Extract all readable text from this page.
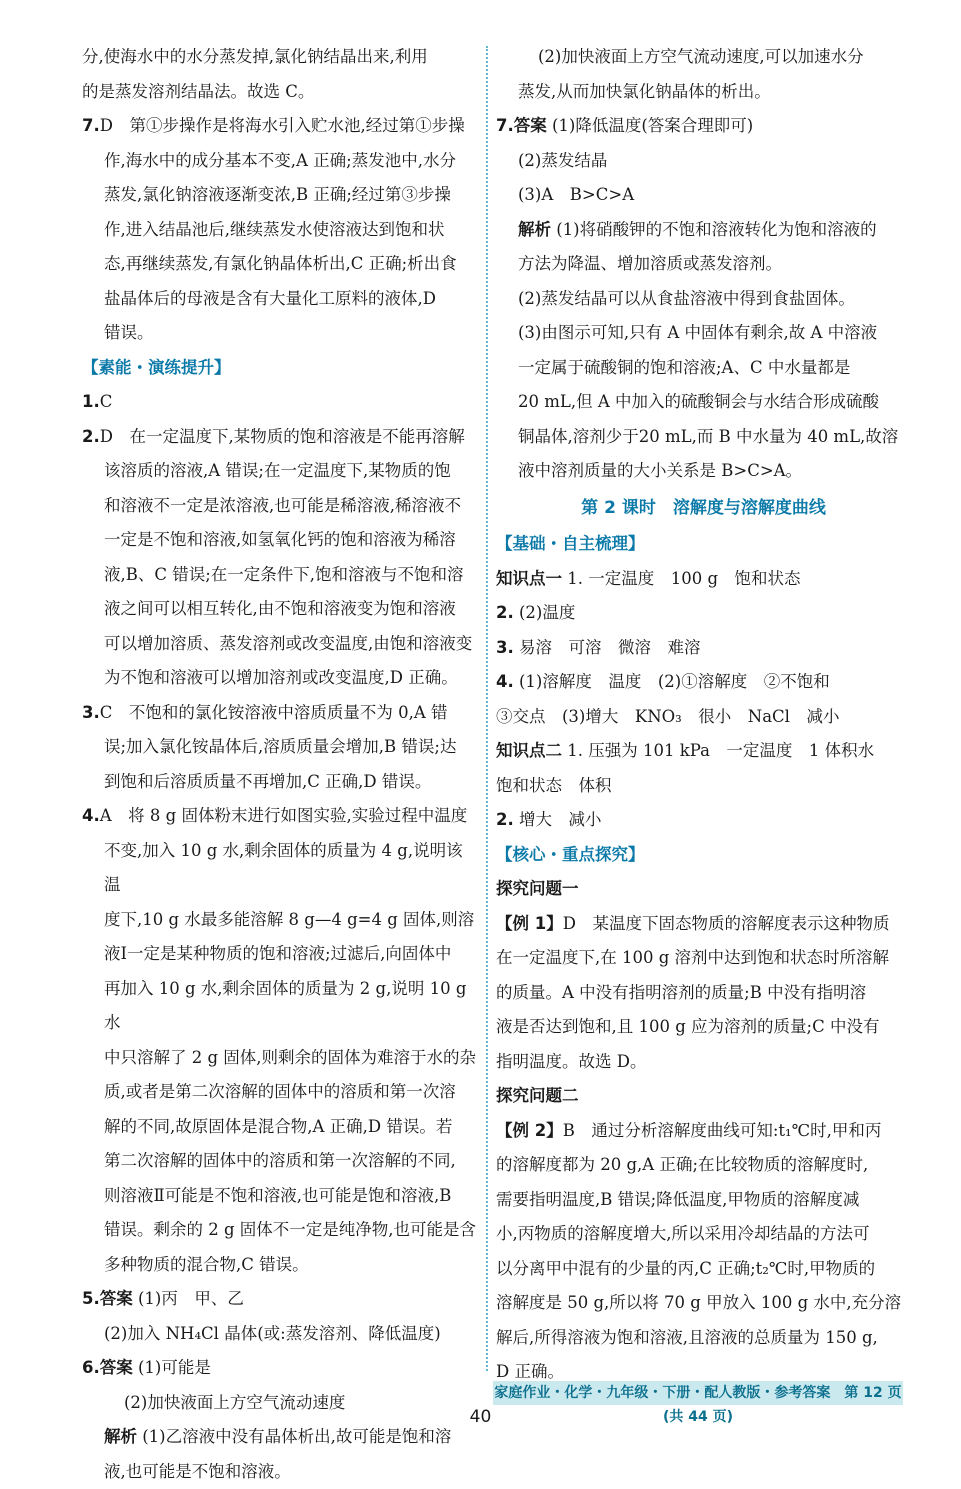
分,使海水中的水分蒸发掉,氯化钠结晶出来,利用
的是蒸发溶剂结晶法。故选 C。
7.D　第①步操作是将海水引入贮水池,经过第①步操
作,海水中的成分基本不变,A 正确;蒸发池中,水分
蒸发,氯化钠溶液逐渐变浓,B 正确;经过第③步操
作,进入结晶池后,继续蒸发水使溶液达到饱和状
态,再继续蒸发,有氯化钠晶体析出,C 正确;析出食
盐晶体后的母液是含有大量化工原料的液体,D
错误。
【素能・演练提升】
1.C
2.D　在一定温度下,某物质的饱和溶液是不能再溶解
该溶质的溶液,A 错误;在一定温度下,某物质的饱
和溶液不一定是浓溶液,也可能是稀溶液,稀溶液不
一定是不饱和溶液,如氢氧化钙的饱和溶液为稀溶
液,B、C 错误;在一定条件下,饱和溶液与不饱和溶
液之间可以相互转化,由不饱和溶液变为饱和溶液
可以增加溶质、蒸发溶剂或改变温度,由饱和溶液变
为不饱和溶液可以增加溶剂或改变温度,D 正确。
3.C　不饱和的氯化铵溶液中溶质质量不为 0,A 错
误;加入氯化铵晶体后,溶质质量会增加,B 错误;达
到饱和后溶质质量不再增加,C 正确,D 错误。
4.A　将 8 g 固体粉末进行如图实验,实验过程中温度
不变,加入 10 g 水,剩余固体的质量为 4 g,说明该温
度下,10 g 水最多能溶解 8 g—4 g=4 g 固体,则溶
液Ⅰ一定是某种物质的饱和溶液;过滤后,向固体中
再加入 10 g 水,剩余固体的质量为 2 g,说明 10 g 水
中只溶解了 2 g 固体,则剩余的固体为难溶于水的杂
质,或者是第二次溶解的固体中的溶质和第一次溶
解的不同,故原固体是混合物,A 正确,D 错误。若
第二次溶解的固体中的溶质和第一次溶解的不同,
则溶液Ⅱ可能是不饱和溶液,也可能是饱和溶液,B
错误。剩余的 2 g 固体不一定是纯净物,也可能是含
多种物质的混合物,C 错误。
5.答案 (1)丙　甲、乙
(2)加入 NH₄Cl 晶体(或:蒸发溶剂、降低温度)
6.答案 (1)可能是
(2)加快液面上方空气流动速度
解析 (1)乙溶液中没有晶体析出,故可能是饱和溶
液,也可能是不饱和溶液。
(2)加快液面上方空气流动速度,可以加速水分
蒸发,从而加快氯化钠晶体的析出。
7.答案 (1)降低温度(答案合理即可)
(2)蒸发结晶
(3)A　B>C>A
解析 (1)将硝酸钾的不饱和溶液转化为饱和溶液的
方法为降温、增加溶质或蒸发溶剂。
(2)蒸发结晶可以从食盐溶液中得到食盐固体。
(3)由图示可知,只有 A 中固体有剩余,故 A 中溶液
一定属于硫酸铜的饱和溶液;A、C 中水量都是
20 mL,但 A 中加入的硫酸铜会与水结合形成硫酸
铜晶体,溶剂少于20 mL,而 B 中水量为 40 mL,故溶
液中溶剂质量的大小关系是 B>C>A。
第 2 课时　溶解度与溶解度曲线
【基础・自主梳理】
知识点一 1. 一定温度　100 g　饱和状态
2. (2)温度
3. 易溶　可溶　微溶　难溶
4. (1)溶解度　温度　(2)①溶解度　②不饱和
③交点　(3)增大　KNO₃　很小　NaCl　减小
知识点二 1. 压强为 101 kPa　一定温度　1 体积水
饱和状态　体积
2. 增大　减小
【核心・重点探究】
探究问题一
【例 1】D　某温度下固态物质的溶解度表示这种物质
在一定温度下,在 100 g 溶剂中达到饱和状态时所溶解
的质量。A 中没有指明溶剂的质量;B 中没有指明溶
液是否达到饱和,且 100 g 应为溶剂的质量;C 中没有
指明温度。故选 D。
探究问题二
【例 2】B　通过分析溶解度曲线可知:t₁℃时,甲和丙
的溶解度都为 20 g,A 正确;在比较物质的溶解度时,
需要指明温度,B 错误;降低温度,甲物质的溶解度减
小,丙物质的溶解度增大,所以采用冷却结晶的方法可
以分离甲中混有的少量的丙,C 正确;t₂℃时,甲物质的
溶解度是 50 g,所以将 70 g 甲放入 100 g 水中,充分溶
解后,所得溶液为饱和溶液,且溶液的总质量为 150 g,
D 正确。
家庭作业・化学・九年级・下册・配人教版・参考答案　第 12 页(共 44 页)
40
